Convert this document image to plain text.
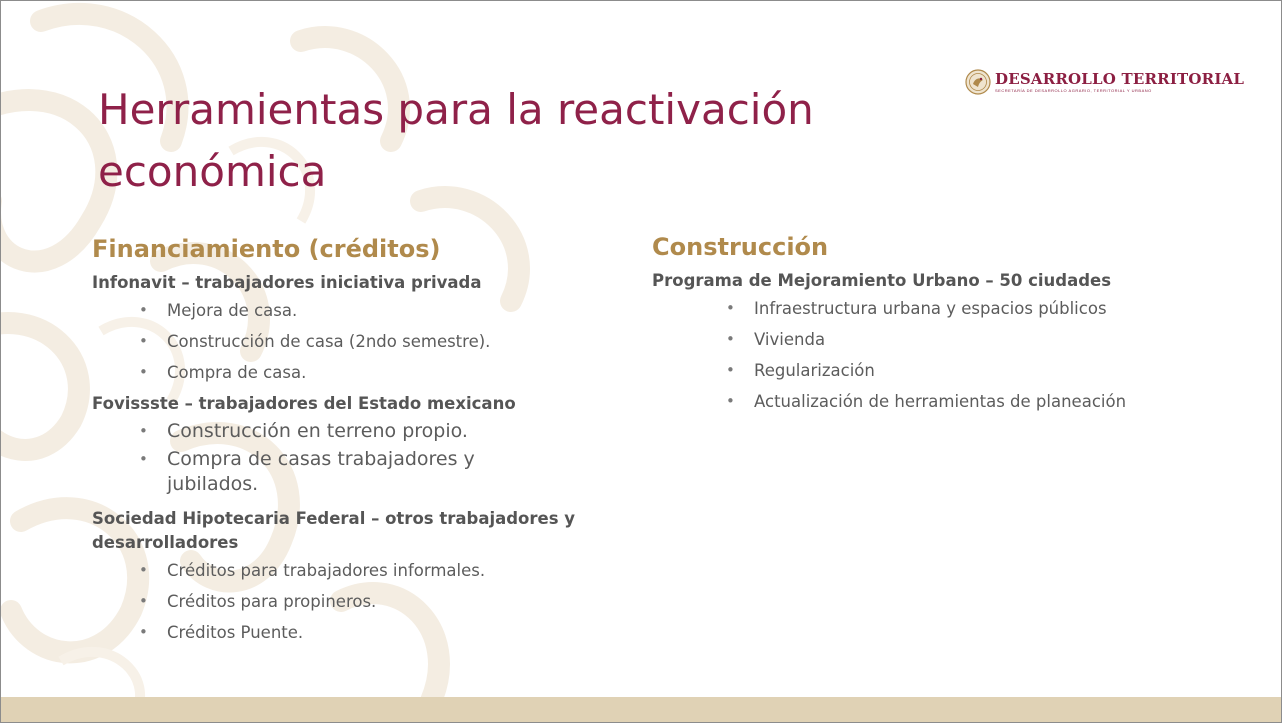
DESARROLLO TERRITORIAL
SECRETARÍA DE DESARROLLO AGRARIO, TERRITORIAL Y URBANO
Herramientas para la reactivación económica
Financiamiento (créditos)
Infonavit – trabajadores iniciativa privada
• Mejora de casa.
• Construcción de casa (2ndo semestre).
• Compra de casa.
Fovissste – trabajadores del Estado mexicano
• Construcción en terreno propio.
• Compra de casas trabajadores y jubilados.
Sociedad Hipotecaria Federal – otros trabajadores y desarrolladores
• Créditos para trabajadores informales.
• Créditos para propineros.
• Créditos Puente.
Construcción
Programa de Mejoramiento Urbano – 50 ciudades
• Infraestructura urbana y espacios públicos
• Vivienda
• Regularización
• Actualización de herramientas de planeación
